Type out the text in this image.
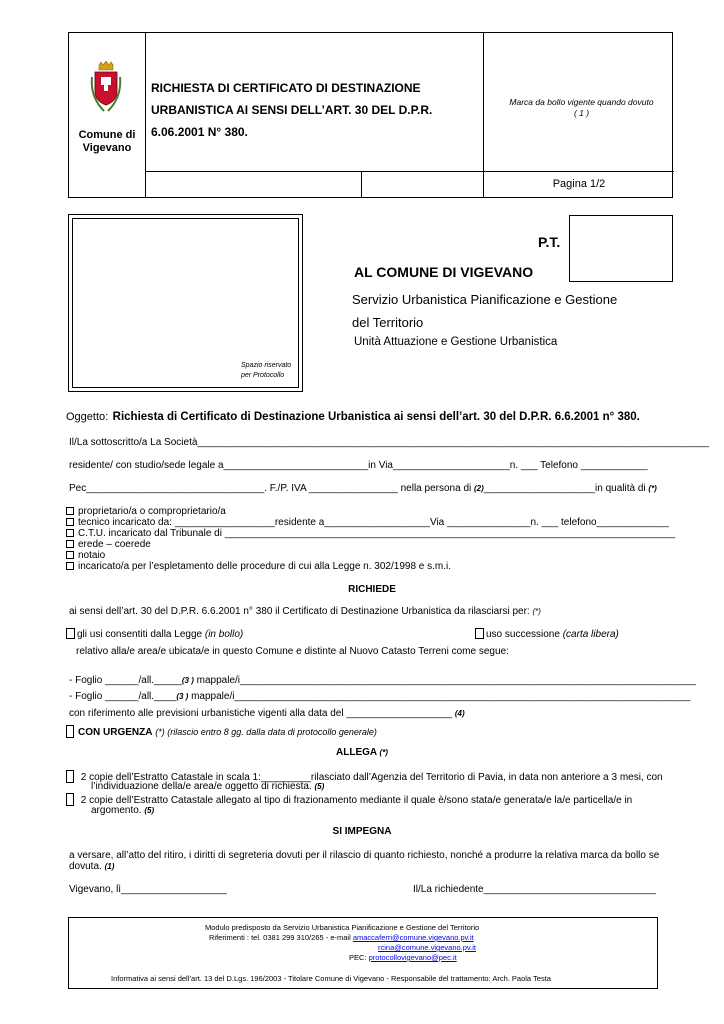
Comune di Vigevano
RICHIESTA DI CERTIFICATO DI DESTINAZIONE URBANISTICA AI SENSI DELL’ART. 30 DEL D.P.R. 6.06.2001 N° 380.
Marca da bollo vigente quando dovuto
( 1 )
Pagina 1/2
Spazio riservato
per Protocollo
P.T.
AL COMUNE DI VIGEVANO
Servizio Urbanistica Pianificazione e Gestione
del Territorio
Unità Attuazione e Gestione Urbanistica
Oggetto: Richiesta di Certificato di Destinazione Urbanistica ai sensi dell’art. 30 del D.P.R. 6.6.2001 n° 380.
Il/La sottoscritto/a La Società____________________________________________________________________________________________
residente/ con studio/sede legale a__________________________in Via_____________________n. ___ Telefono ____________
Pec________________________________. F./P. IVA ________________ nella persona di (2)____________________in qualità di (*)
proprietario/a o comproprietario/a
tecnico incaricato da: __________________residente a___________________Via _______________n. ___ telefono_____________
C.T.U. incaricato dal Tribunale di _________________________________________________________________________________
erede – coerede
notaio
incaricato/a per l’espletamento delle procedure di cui alla Legge n. 302/1998 e s.m.i.
RICHIEDE
ai sensi dell’art. 30 del D.P.R. 6.6.2001 n° 380 il Certificato di Destinazione Urbanistica da rilasciarsi per: (*)
gli usi consentiti dalla Legge (in bollo)	uso successione (carta libera)
relativo alla/e area/e ubicata/e in questo Comune e distinte al Nuovo Catasto Terreni come segue:
- Foglio ______/all._____(3 ) mappale/i__________________________________________________________________________________
- Foglio ______/all.____(3 ) mappale/i__________________________________________________________________________________
con riferimento alle previsioni urbanistiche vigenti alla data del ___________________ (4)
CON URGENZA (*) (rilascio entro 8 gg. dalla data di protocollo generale)
ALLEGA (*)
2 copie dell’Estratto Catastale in scala 1:_________rilasciato dall’Agenzia del Territorio di Pavia, in data non anteriore a 3 mesi, con
l’individuazione della/e area/e oggetto di richiesta. (5)
2 copie dell’Estratto Catastale allegato al tipo di frazionamento mediante il quale è/sono stata/e generata/e la/e particella/e in
argomento. (5)
SI IMPEGNA
a versare, all’atto del ritiro, i diritti di segreteria dovuti per il rilascio di quanto richiesto, nonché a produrre la relativa marca da bollo se
dovuta. (1)
Vigevano, lì___________________	Il/La richiedente_______________________________
Modulo predisposto da Servizio Urbanistica Pianificazione e Gestione del Territorio
Riferimenti : tel. 0381 299 310/265 - e-mail amaccaferri@comune.vigevano.pv.it
rcina@comune.vigevano.pv.it
PEC: protocollovigevano@pec.it
Informativa ai sensi dell’art. 13 del D.Lgs. 196/2003 - Titolare Comune di Vigevano - Responsabile del trattamento: Arch. Paola Testa
